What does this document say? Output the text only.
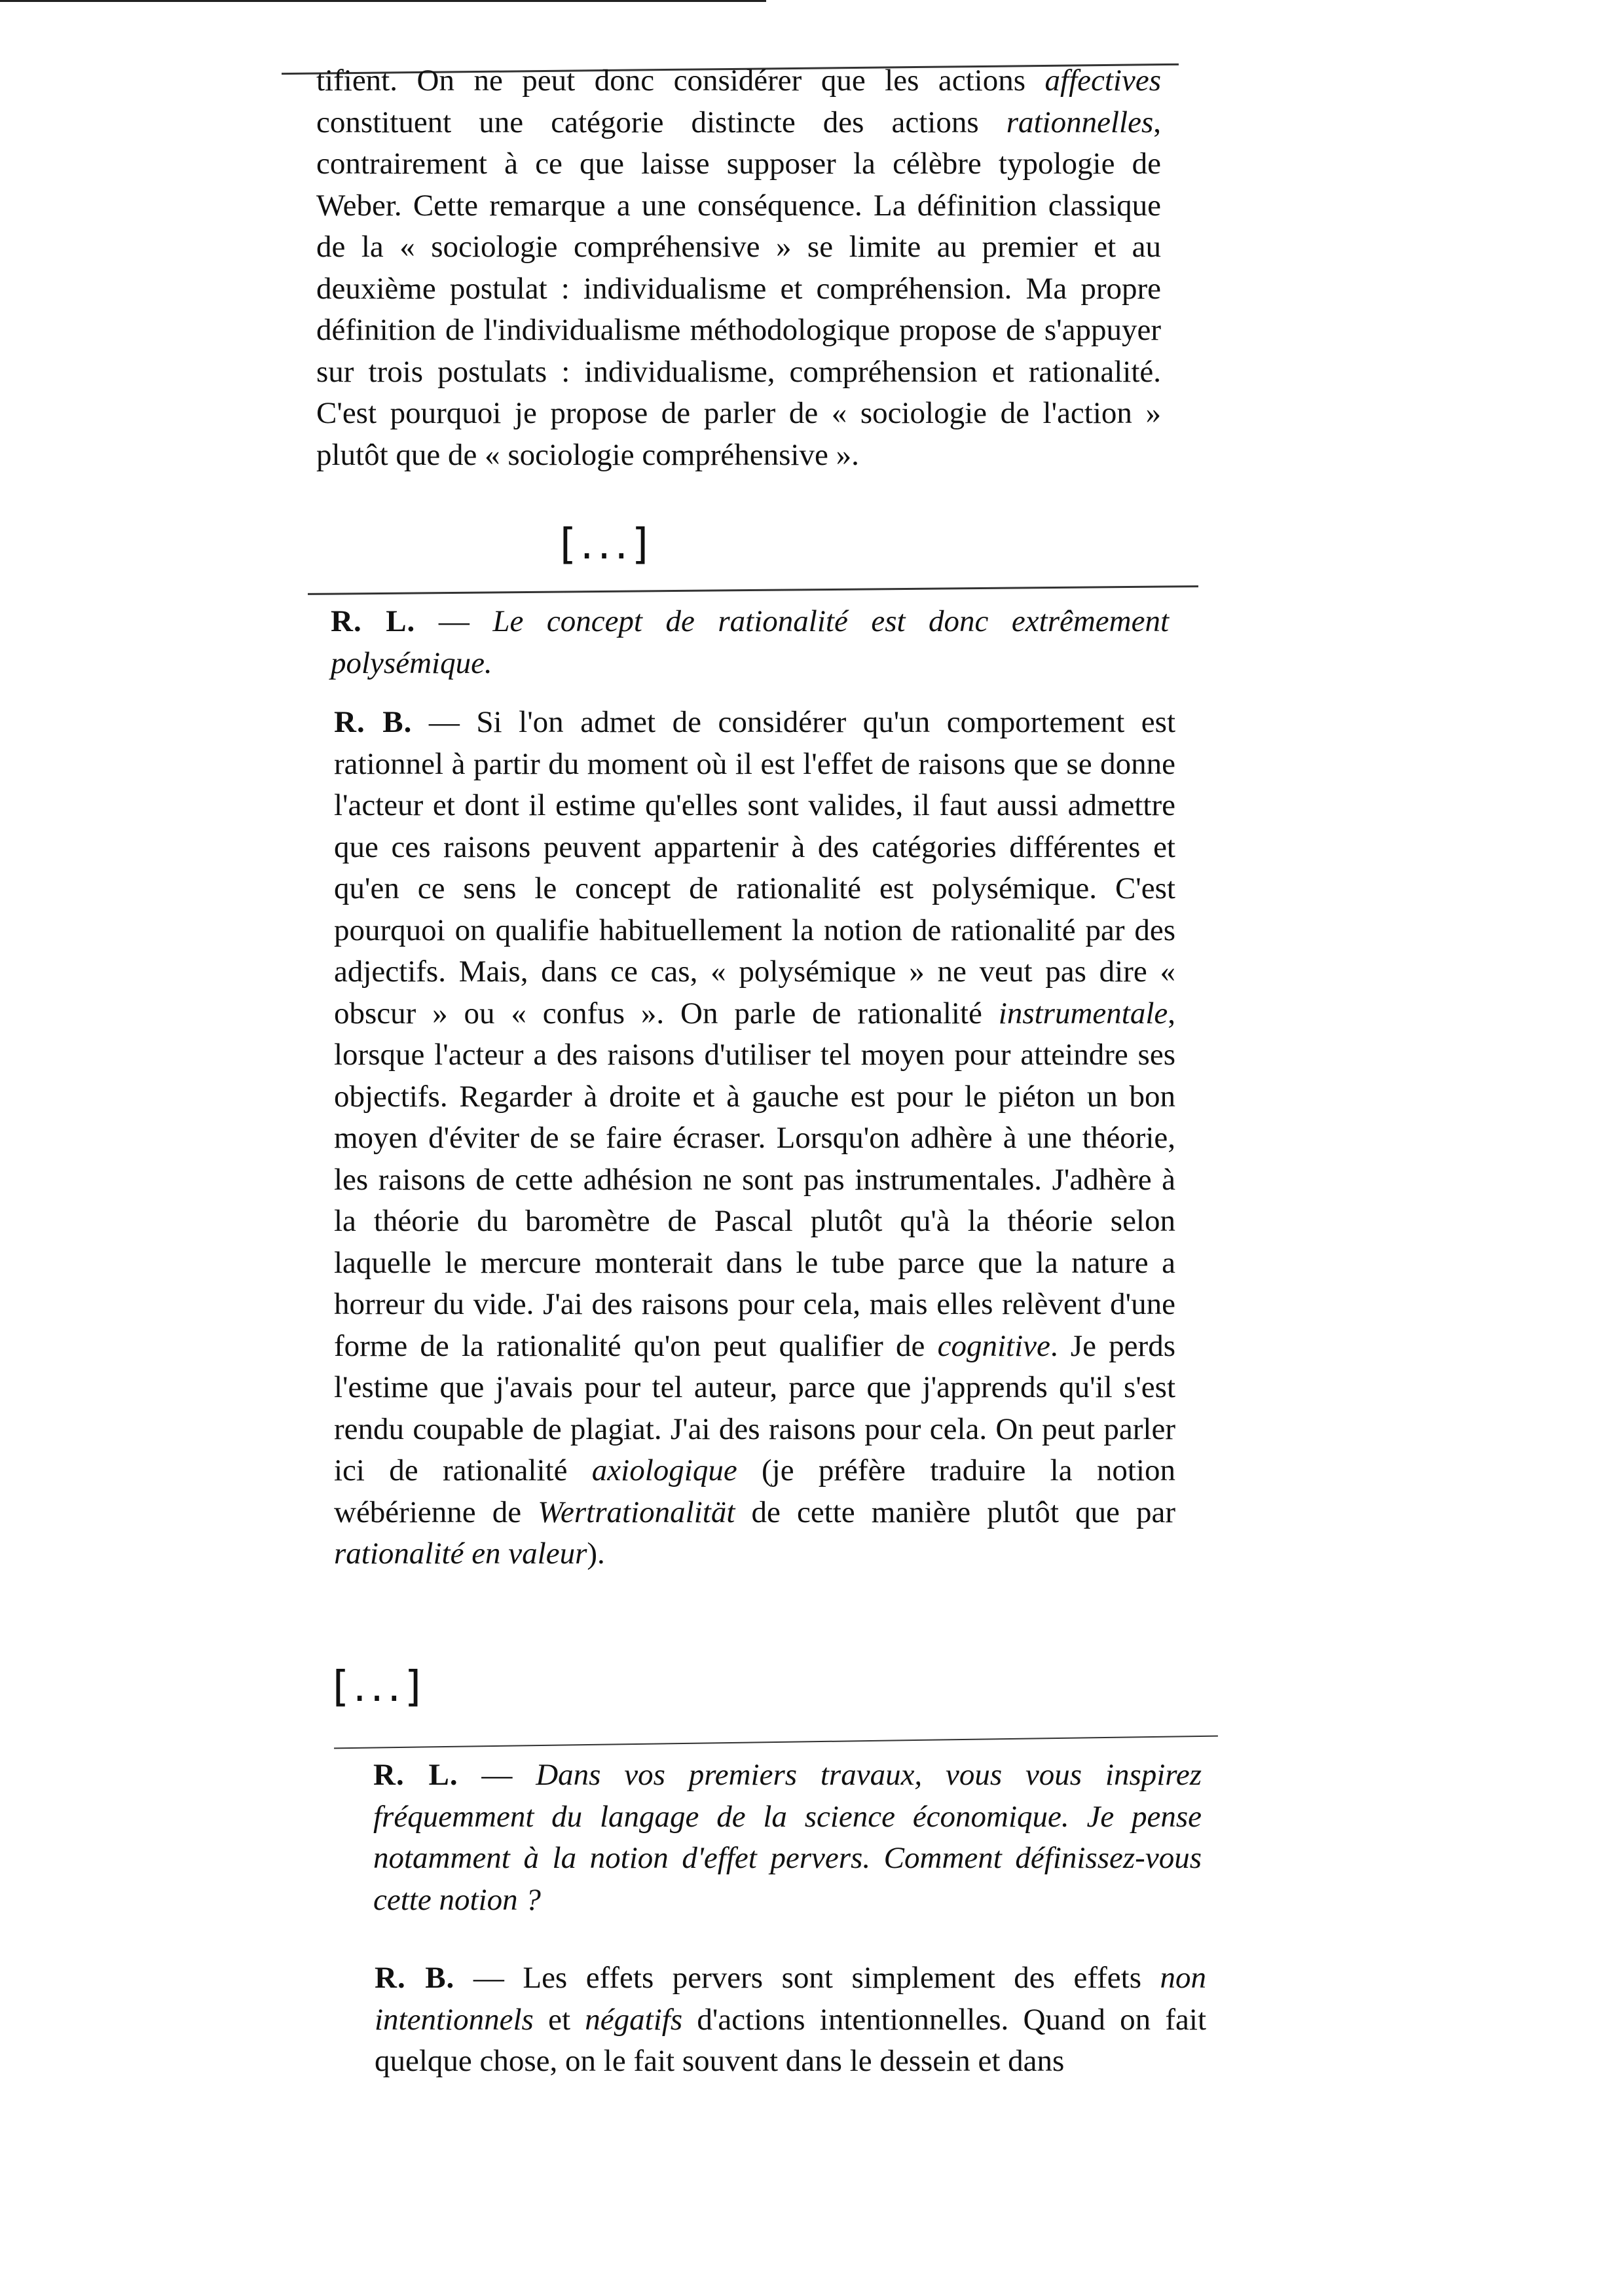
tifient. On ne peut donc considérer que les actions affectives constituent une catégorie distincte des actions rationnelles, contrairement à ce que laisse supposer la célèbre typologie de Weber. Cette remarque a une conséquence. La définition classique de la « sociologie compréhensive » se limite au premier et au deuxième postulat : individualisme et compréhension. Ma propre définition de l'individualisme méthodologique propose de s'appuyer sur trois postulats : individualisme, compréhension et rationalité. C'est pourquoi je propose de parler de « sociologie de l'action » plutôt que de « sociologie compréhensive ».

[...]

R. L. — Le concept de rationalité est donc extrêmement polysémique.

R. B. — Si l'on admet de considérer qu'un comportement est rationnel à partir du moment où il est l'effet de raisons que se donne l'acteur et dont il estime qu'elles sont valides, il faut aussi admettre que ces raisons peuvent appartenir à des catégories différentes et qu'en ce sens le concept de rationalité est polysémique. C'est pourquoi on qualifie habituellement la notion de rationalité par des adjectifs. Mais, dans ce cas, « polysémique » ne veut pas dire « obscur » ou « confus ». On parle de rationalité instrumentale, lorsque l'acteur a des raisons d'utiliser tel moyen pour atteindre ses objectifs. Regarder à droite et à gauche est pour le piéton un bon moyen d'éviter de se faire écraser. Lorsqu'on adhère à une théorie, les raisons de cette adhésion ne sont pas instrumentales. J'adhère à la théorie du baromètre de Pascal plutôt qu'à la théorie selon laquelle le mercure monterait dans le tube parce que la nature a horreur du vide. J'ai des raisons pour cela, mais elles relèvent d'une forme de la rationalité qu'on peut qualifier de cognitive. Je perds l'estime que j'avais pour tel auteur, parce que j'apprends qu'il s'est rendu coupable de plagiat. J'ai des raisons pour cela. On peut parler ici de rationalité axiologique (je préfère traduire la notion wébérienne de Wertrationalität de cette manière plutôt que par rationalité en valeur).

[...]

R. L. — Dans vos premiers travaux, vous vous inspirez fréquemment du langage de la science économique. Je pense notamment à la notion d'effet pervers. Comment définissez-vous cette notion ?

R. B. — Les effets pervers sont simplement des effets non intentionnels et négatifs d'actions intentionnelles. Quand on fait quelque chose, on le fait souvent dans le dessein et dans
